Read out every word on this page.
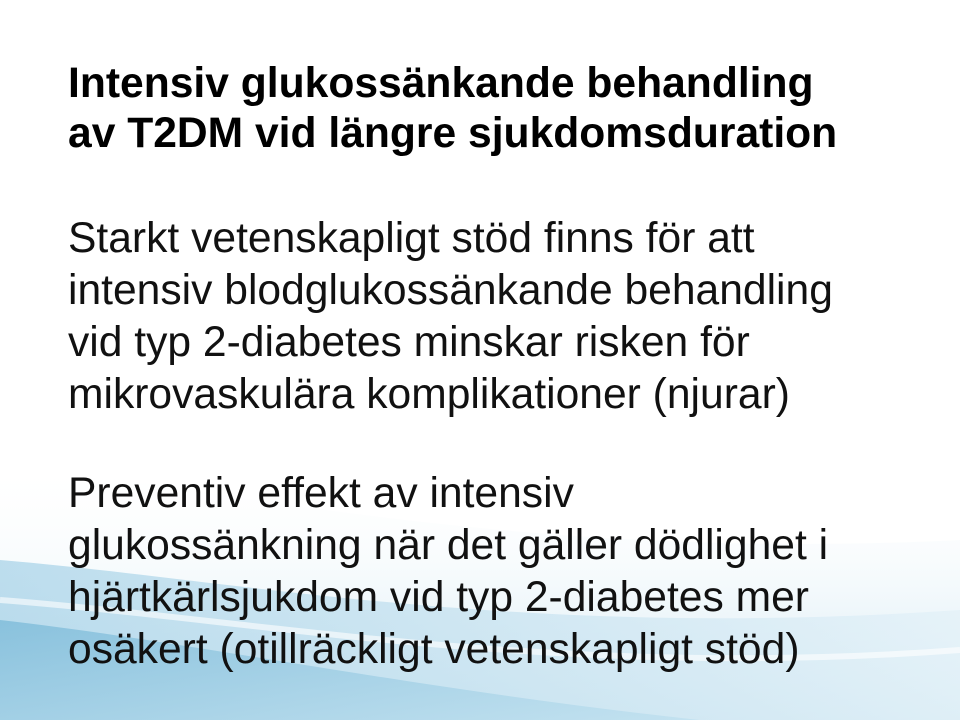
Intensiv glukossänkande behandling
av T2DM vid längre sjukdomsduration
Starkt vetenskapligt stöd finns för att
intensiv blodglukossänkande behandling
vid typ 2-diabetes minskar risken för
mikrovaskulära komplikationer (njurar)
Preventiv effekt av intensiv
glukossänkning när det gäller dödlighet i
hjärtkärlsjukdom vid typ 2-diabetes mer
osäkert (otillräckligt vetenskapligt stöd)
